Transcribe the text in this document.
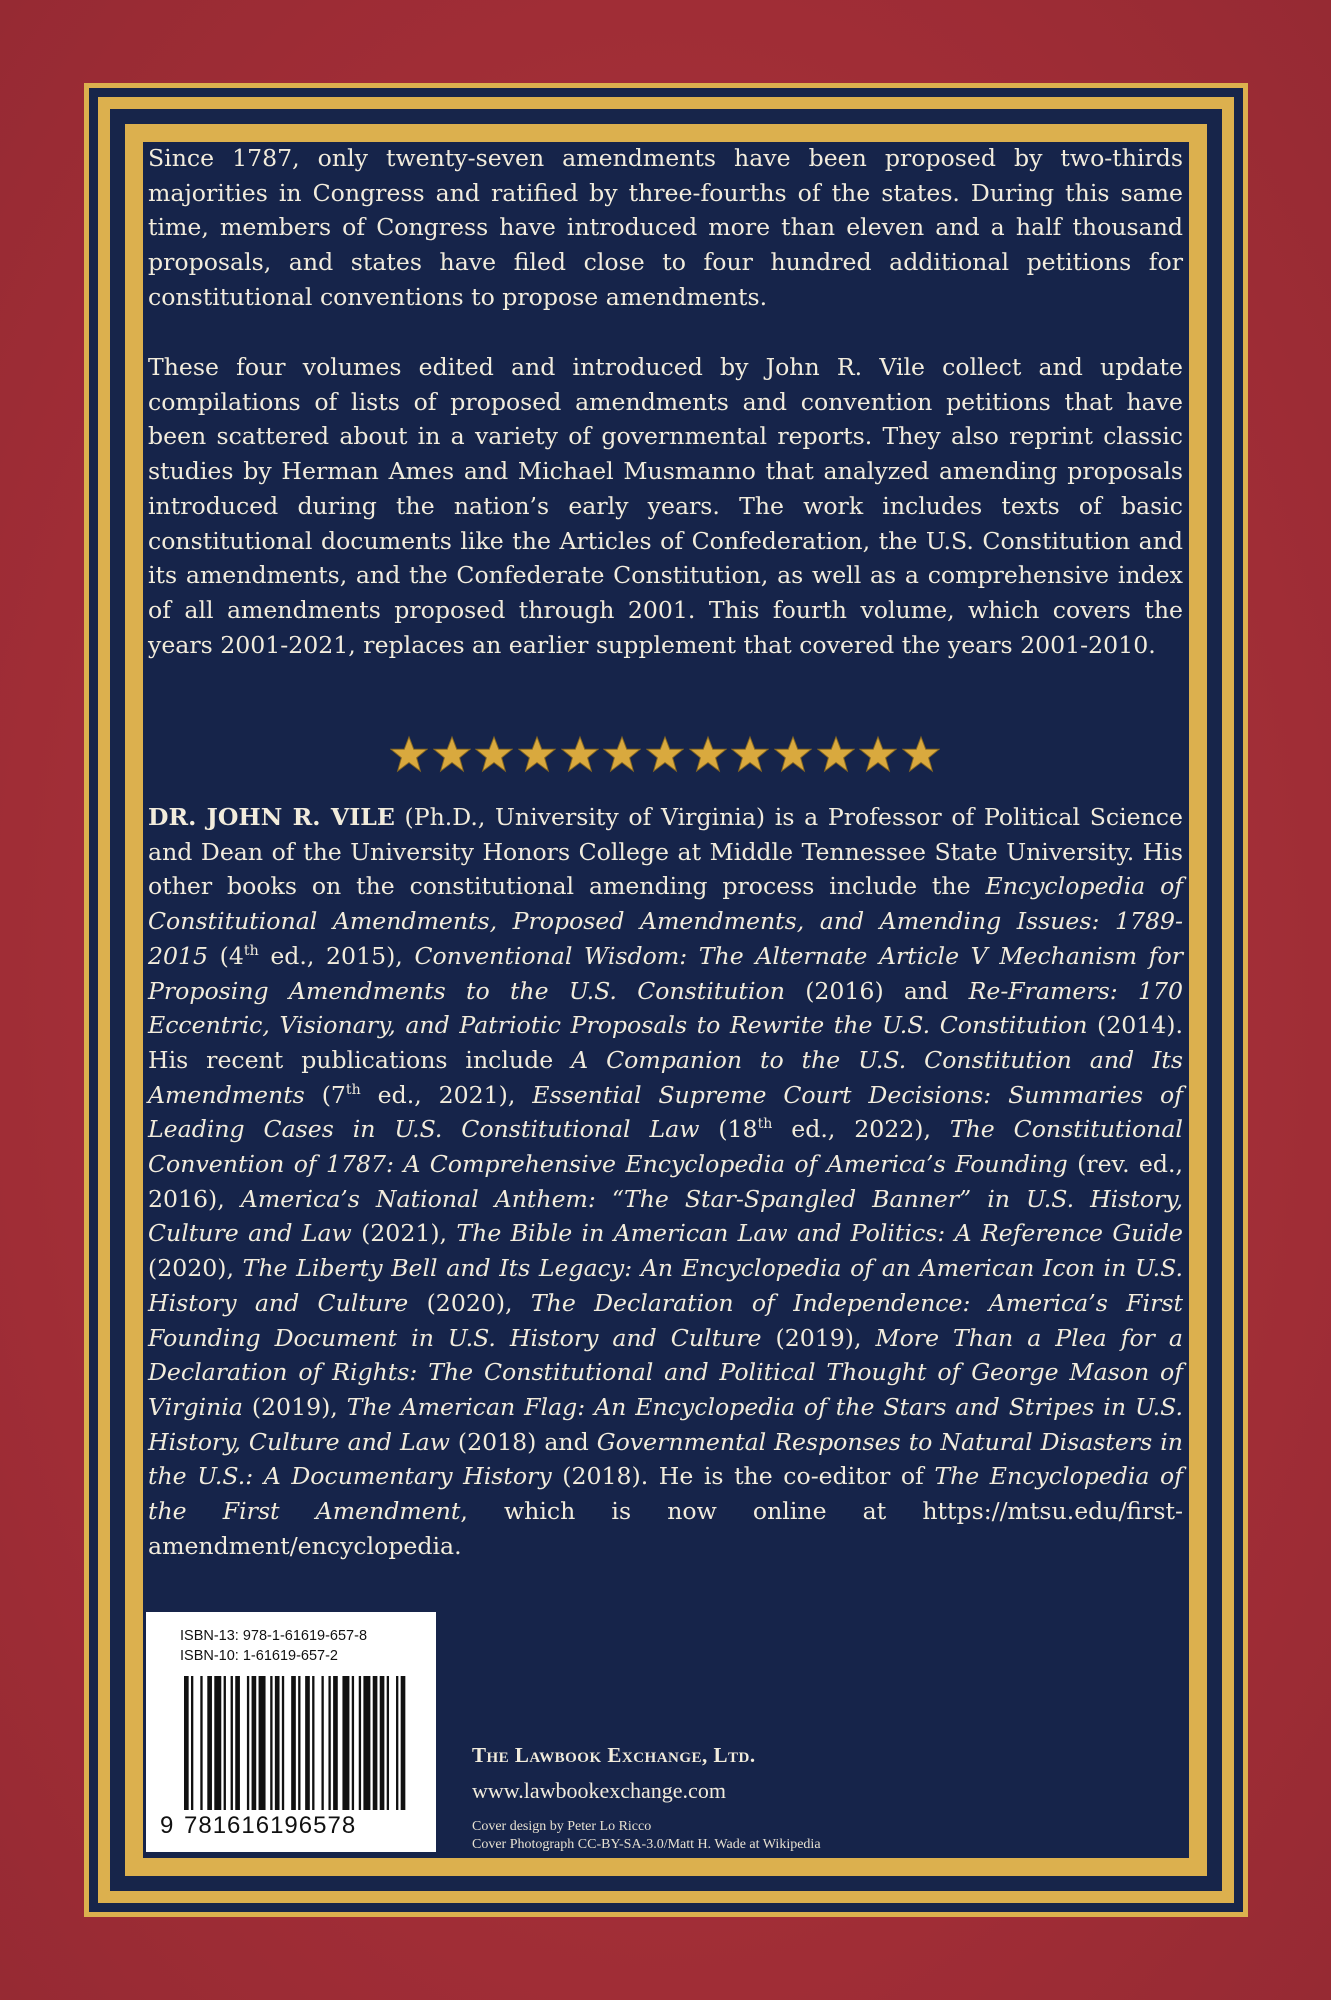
Since 1787, only twenty-seven amendments have been proposed by two-thirds majorities in Congress and ratified by three-fourths of the states. During this same time, members of Congress have introduced more than eleven and a half thousand proposals, and states have filed close to four hundred additional petitions for constitutional conventions to propose amendments.

These four volumes edited and introduced by John R. Vile collect and update compilations of lists of proposed amendments and convention petitions that have been scattered about in a variety of governmental reports. They also reprint classic studies by Herman Ames and Michael Musmanno that analyzed amending proposals introduced during the nation’s early years. The work includes texts of basic constitutional documents like the Articles of Confederation, the U.S. Constitution and its amendments, and the Confederate Constitution, as well as a comprehensive index of all amendments proposed through 2001. This fourth volume, which covers the years 2001-2021, replaces an earlier supplement that covered the years 2001-2010.

DR. JOHN R. VILE (Ph.D., University of Virginia) is a Professor of Political Science and Dean of the University Honors College at Middle Tennessee State University. His other books on the constitutional amending process include the Encyclopedia of Constitutional Amendments, Proposed Amendments, and Amending Issues: 1789-2015 (4th ed., 2015), Conventional Wisdom: The Alternate Article V Mechanism for Proposing Amendments to the U.S. Constitution (2016) and Re-Framers: 170 Eccentric, Visionary, and Patriotic Proposals to Rewrite the U.S. Constitution (2014). His recent publications include A Companion to the U.S. Constitution and Its Amendments (7th ed., 2021), Essential Supreme Court Decisions: Summaries of Leading Cases in U.S. Constitutional Law (18th ed., 2022), The Constitutional Convention of 1787: A Comprehensive Encyclopedia of America’s Founding (rev. ed., 2016), America’s National Anthem: “The Star-Spangled Banner” in U.S. History, Culture and Law (2021), The Bible in American Law and Politics: A Reference Guide (2020), The Liberty Bell and Its Legacy: An Encyclopedia of an American Icon in U.S. History and Culture (2020), The Declaration of Independence: America’s First Founding Document in U.S. History and Culture (2019), More Than a Plea for a Declaration of Rights: The Constitutional and Political Thought of George Mason of Virginia (2019), The American Flag: An Encyclopedia of the Stars and Stripes in U.S. History, Culture and Law (2018) and Governmental Responses to Natural Disasters in the U.S.: A Documentary History (2018). He is the co-editor of The Encyclopedia of the First Amendment, which is now online at https://mtsu.edu/first-amendment/encyclopedia.

ISBN-13: 978-1-61619-657-8
ISBN-10: 1-61619-657-2
9 781616196578

The Lawbook Exchange, Ltd.

www.lawbookexchange.com

Cover design by Peter Lo Ricco

Cover Photograph CC-BY-SA-3.0/Matt H. Wade at Wikipedia
